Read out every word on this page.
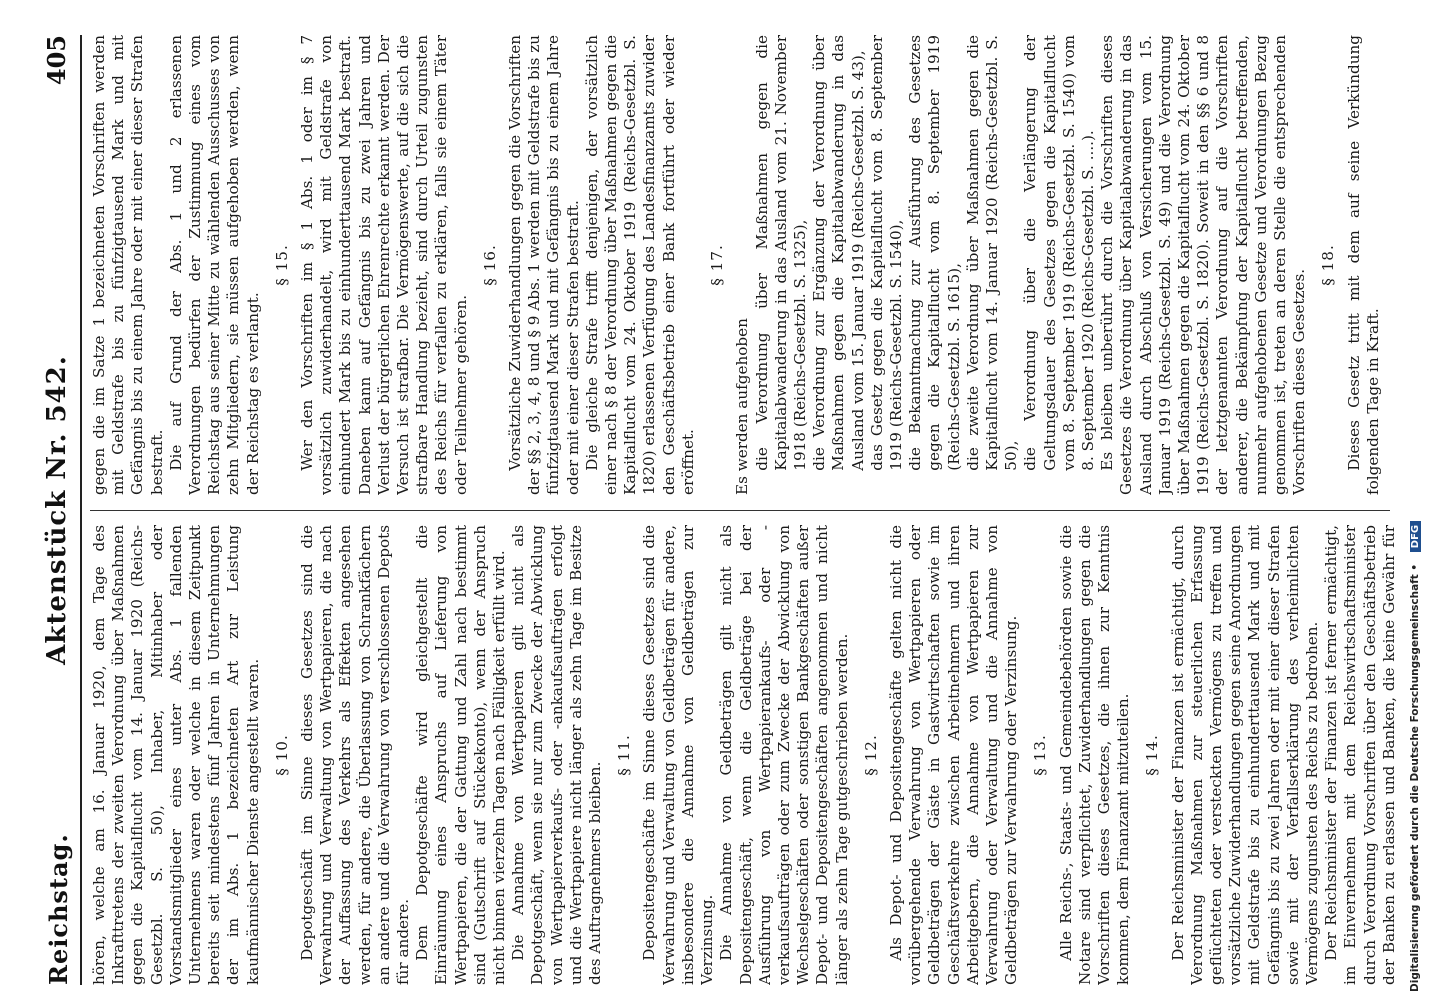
Reichstag.
Aktenstück Nr. 542.
405

hören, welche am 16. Januar 1920, dem Tage des Inkrafttretens der zweiten Verordnung über Maßnahmen gegen die Kapitalflucht vom 14. Januar 1920 (Reichs-Gesetzbl. S. 50), Inhaber, Mitinhaber oder Vorstandsmitglieder eines unter Abs. 1 fallenden Unternehmens waren oder welche in diesem Zeitpunkt bereits seit mindestens fünf Jahren in Unternehmungen der im Abs. 1 bezeichneten Art zur Leistung kaufmännischer Dienste angestellt waren. § 10. Depotgeschäft im Sinne dieses Gesetzes sind die Verwahrung und Verwaltung von Wertpapieren, die nach der Auffassung des Verkehrs als Effekten angesehen werden, für andere, die Überlassung von Schrankfächern an andere und die Verwahrung von verschlossenen Depots für andere. Dem Depotgeschäfte wird gleichgestellt die Einräumung eines Anspruchs auf Lieferung von Wertpapieren, die der Gattung und Zahl nach bestimmt sind (Gutschrift auf Stückekonto), wenn der Anspruch nicht binnen vierzehn Tagen nach Fälligkeit erfüllt wird. Die Annahme von Wertpapieren gilt nicht als Depotgeschäft, wenn sie nur zum Zwecke der Abwicklung von Wertpapierverkaufs- oder -ankaufsaufträgen erfolgt und die Wertpapiere nicht länger als zehn Tage im Besitze des Auftragnehmers bleiben.

§ 11. Depositengeschäfte im Sinne dieses Gesetzes sind die Verwahrung und Verwaltung von Geldbeträgen für andere, insbesondere die Annahme von Geldbeträgen zur Verzinsung. Die Annahme von Geldbeträgen gilt nicht als Depositengeschäft, wenn die Geldbeträge bei der Ausführung von Wertpapierankaufs- oder -verkaufsaufträgen oder zum Zwecke der Abwicklung von Wechselgeschäften oder sonstigen Bankgeschäften außer Depot- und Depositengeschäften angenommen und nicht länger als zehn Tage gutgeschrieben werden. § 12. Als Depot- und Depositengeschäfte gelten nicht die vorübergehende Verwahrung von Wertpapieren oder Geldbeträgen der Gäste in Gastwirtschaften sowie im Geschäftsverkehre zwischen Arbeitnehmern und ihren Arbeitgebern, die Annahme von Wertpapieren zur Verwahrung oder Verwaltung und die Annahme von Geldbeträgen zur Verwahrung oder Verzinsung. § 13. Alle Reichs-, Staats- und Gemeindebehörden sowie die Notare sind verpflichtet, Zuwiderhandlungen gegen die Vorschriften dieses Gesetzes, die ihnen zur Kenntnis kommen, dem Finanzamt mitzuteilen. § 14. Der Reichsminister der Finanzen ist ermächtigt, durch Verordnung Maßnahmen zur steuerlichen Erfassung geflüchteten oder versteckten Vermögens zu treffen und vorsätzliche Zuwiderhandlungen gegen seine Anordnungen mit Geldstrafe bis zu einhunderttausend Mark und mit Gefängnis bis zu zwei Jahren oder mit einer dieser Strafen sowie mit der Verfallserklärung des verheimlichten Vermögens zugunsten des Reichs zu bedrohen. Der Reichsminister der Finanzen ist ferner ermächtigt, im Einvernehmen mit dem Reichswirtschaftsminister durch Verordnung Vorschriften über den Geschäftsbetrieb der Banken zu erlassen und Banken, die keine Gewähr für

gegen die im Satze 1 bezeichneten Vorschriften werden mit Geldstrafe bis zu fünfzigtausend Mark und mit Gefängnis bis zu einem Jahre oder mit einer dieser Strafen bestraft. Die auf Grund der Abs. 1 und 2 erlassenen Verordnungen bedürfen der Zustimmung eines vom Reichstag aus seiner Mitte zu wählenden Ausschusses von zehn Mitgliedern, sie müssen aufgehoben werden, wenn der Reichstag es verlangt.

§ 15. Wer den Vorschriften im § 1 Abs. 1 oder im § 7 vorsätzlich zuwiderhandelt, wird mit Geldstrafe von einhundert Mark bis zu einhunderttausend Mark bestraft. Daneben kann auf Gefängnis bis zu zwei Jahren und Verlust der bürgerlichen Ehrenrechte erkannt werden. Der Versuch ist strafbar. Die Vermögenswerte, auf die sich die strafbare Handlung bezieht, sind durch Urteil zugunsten des Reichs für verfallen zu erklären, falls sie einem Täter oder Teilnehmer gehören.

§ 16. Vorsätzliche Zuwiderhandlungen gegen die Vorschriften der §§ 2, 3, 4, 8 und § 9 Abs. 1 werden mit Geldstrafe bis zu fünfzigtausend Mark und mit Gefängnis bis zu einem Jahre oder mit einer dieser Strafen bestraft. Die gleiche Strafe trifft denjenigen, der vorsätzlich einer nach § 8 der Verordnung über Maßnahmen gegen die Kapitalflucht vom 24. Oktober 1919 (Reichs-Gesetzbl. S. 1820) erlassenen Verfügung des Landesfinanzamts zuwider den Geschäftsbetrieb einer Bank fortführt oder wieder eröffnet.

§ 17.

Es werden aufgehoben die Verordnung über Maßnahmen gegen die Kapitalabwanderung in das Ausland vom 21. November 1918 (Reichs-Gesetzbl. S. 1325), die Verordnung zur Ergänzung der Verordnung über Maßnahmen gegen die Kapitalabwanderung in das Ausland vom 15. Januar 1919 (Reichs-Gesetzbl. S. 43), das Gesetz gegen die Kapitalflucht vom 8. September 1919 (Reichs-Gesetzbl. S. 1540), die Bekanntmachung zur Ausführung des Gesetzes gegen die Kapitalflucht vom 8. September 1919 (Reichs-Gesetzbl. S. 1615), die zweite Verordnung über Maßnahmen gegen die Kapitalflucht vom 14. Januar 1920 (Reichs-Gesetzbl. S. 50), die Verordnung über die Verlängerung der Geltungsdauer des Gesetzes gegen die Kapitalflucht vom 8. September 1919 (Reichs-Gesetzbl. S. 1540) vom 8. September 1920 (Reichs-Gesetzbl. S. ....). Es bleiben unberührt durch die Vorschriften dieses Gesetzes die Verordnung über Kapitalabwanderung in das Ausland durch Abschluß von Versicherungen vom 15. Januar 1919 (Reichs-Gesetzbl. S. 49) und die Verordnung über Maßnahmen gegen die Kapitalflucht vom 24. Oktober 1919 (Reichs-Gesetzbl. S. 1820). Soweit in den §§ 6 und 8 der letztgenannten Verordnung auf die Vorschriften anderer, die Bekämpfung der Kapitalflucht betreffenden, nunmehr aufgehobenen Gesetze und Verordnungen Bezug genommen ist, treten an deren Stelle die entsprechenden Vorschriften dieses Gesetzes.

§ 18. Dieses Gesetz tritt mit dem auf seine Verkündung folgenden Tage in Kraft.

Digitalisierung gefördert durch die Deutsche Forschungsgemeinschaft • DFG
